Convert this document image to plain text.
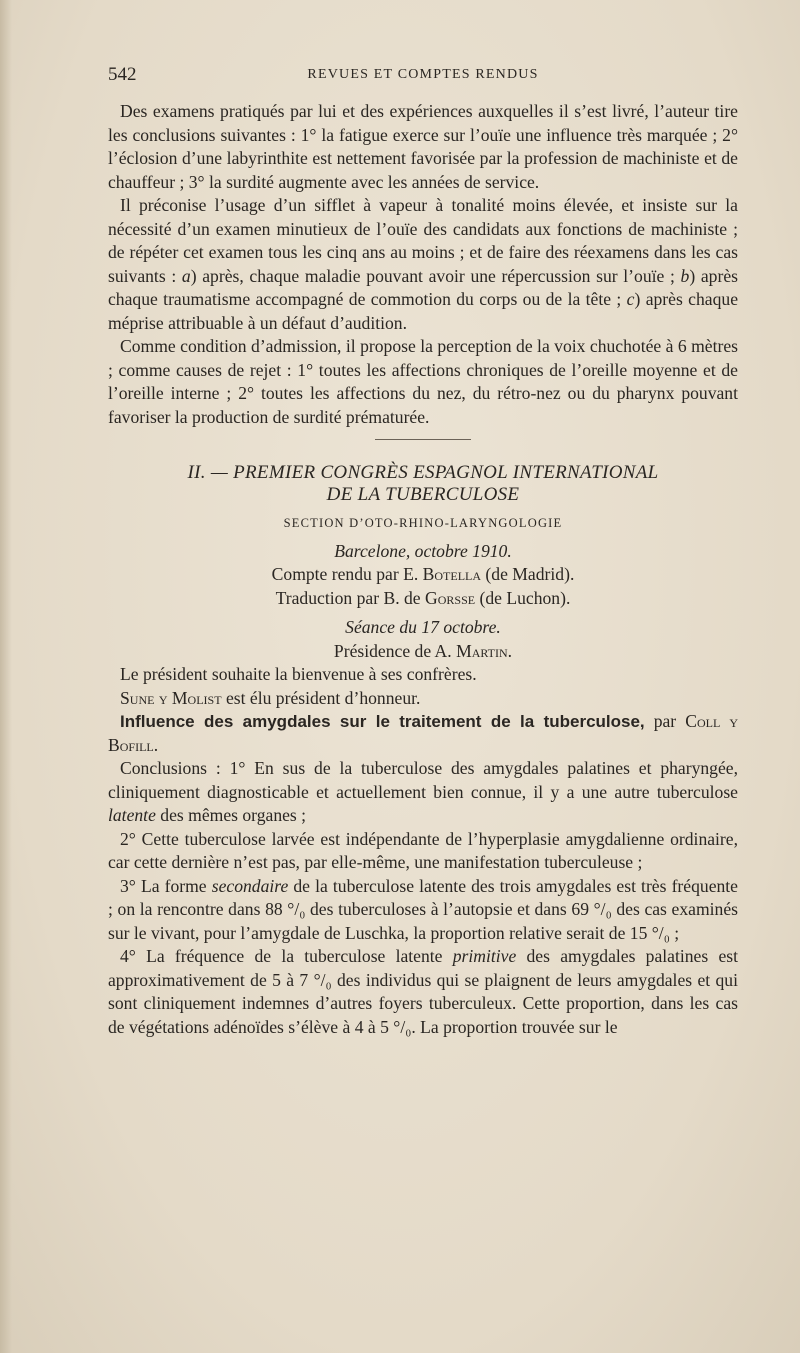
542	REVUES ET COMPTES RENDUS

Des examens pratiqués par lui et des expériences auxquelles il s’est livré, l’auteur tire les conclusions suivantes : 1° la fatigue exerce sur l’ouïe une influence très marquée ; 2° l’éclosion d’une labyrinthite est nettement favorisée par la profession de machiniste et de chauffeur ; 3° la surdité augmente avec les années de service.

Il préconise l’usage d’un sifflet à vapeur à tonalité moins élevée, et insiste sur la nécessité d’un examen minutieux de l’ouïe des candidats aux fonctions de machiniste ; de répéter cet examen tous les cinq ans au moins ; et de faire des réexamens dans les cas suivants : a) après, chaque maladie pouvant avoir une répercussion sur l’ouïe ; b) après chaque traumatisme accompagné de commotion du corps ou de la tête ; c) après chaque méprise attribuable à un défaut d’audition.

Comme condition d’admission, il propose la perception de la voix chuchotée à 6 mètres ; comme causes de rejet : 1° toutes les affections chroniques de l’oreille moyenne et de l’oreille interne ; 2° toutes les affections du nez, du rétro-nez ou du pharynx pouvant favoriser la production de surdité prématurée.

II. — PREMIER CONGRÈS ESPAGNOL INTERNATIONAL

DE LA TUBERCULOSE

SECTION D’OTO-RHINO-LARYNGOLOGIE

Barcelone, octobre 1910.

Compte rendu par E. Botella (de Madrid).

Traduction par B. de Gorsse (de Luchon).

Séance du 17 octobre.

Présidence de A. Martin.

Le président souhaite la bienvenue à ses confrères.

Sune y Molist est élu président d’honneur.

Influence des amygdales sur le traitement de la tuberculose, par Coll y Bofill.

Conclusions : 1° En sus de la tuberculose des amygdales palatines et pharyngée, cliniquement diagnosticable et actuellement bien connue, il y a une autre tuberculose latente des mêmes organes ;

2° Cette tuberculose larvée est indépendante de l’hyperplasie amygdalienne ordinaire, car cette dernière n’est pas, par elle-même, une manifestation tuberculeuse ;

3° La forme secondaire de la tuberculose latente des trois amygdales est très fréquente ; on la rencontre dans 88 °/₀ des tuberculoses à l’autopsie et dans 69 °/₀ des cas examinés sur le vivant, pour l’amygdale de Luschka, la proportion relative serait de 15 °/₀ ;

4° La fréquence de la tuberculose latente primitive des amygdales palatines est approximativement de 5 à 7 °/₀ des individus qui se plaignent de leurs amygdales et qui sont cliniquement indemnes d’autres foyers tuberculeux. Cette proportion, dans les cas de végétations adénoïdes s’élève à 4 à 5 °/₀. La proportion trouvée sur le
